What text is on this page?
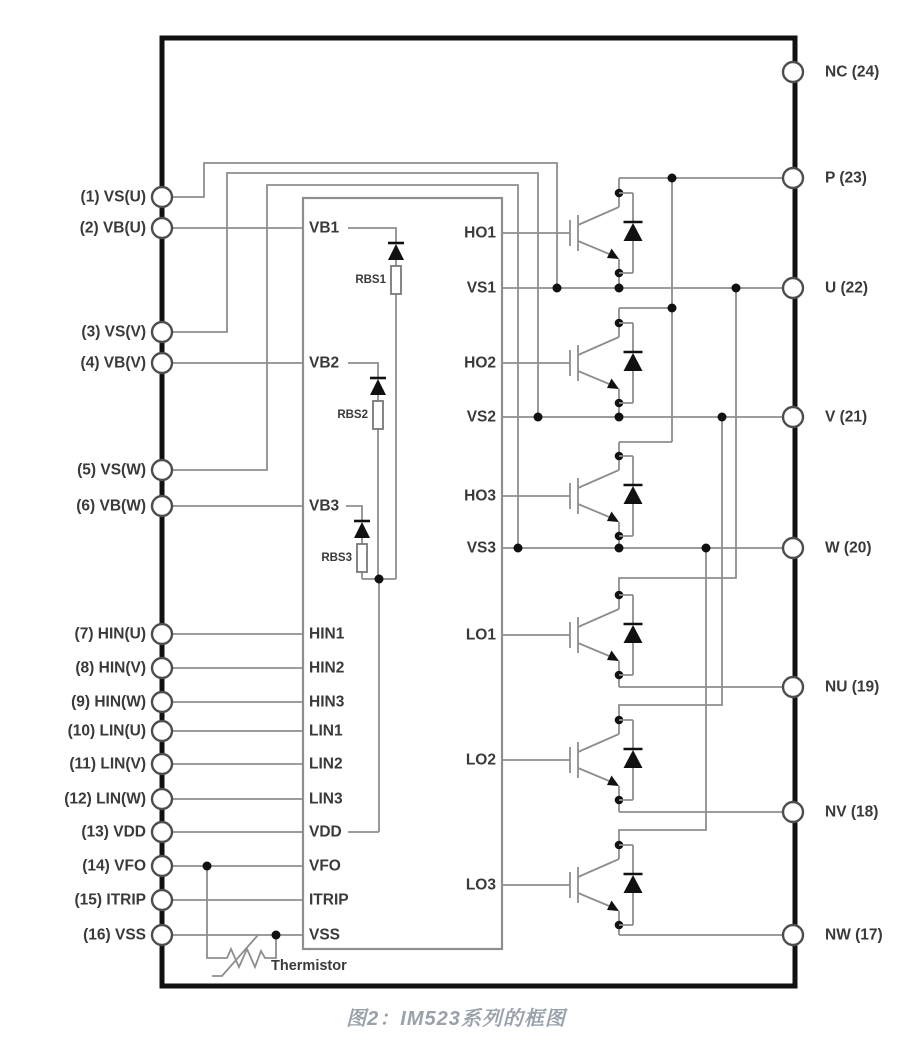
(1) VS(U)
(2) VB(U)
(3) VS(V)
(4) VB(V)
(5) VS(W)
(6) VB(W)
(7) HIN(U)
(8) HIN(V)
(9) HIN(W)
(10) LIN(U)
(11) LIN(V)
(12) LIN(W)
(13) VDD
(14) VFO
(15) ITRIP
(16) VSS
NC (24)
P (23)
U (22)
V (21)
W (20)
NU (19)
NV (18)
NW (17)
VB1
VB2
VB3
HIN1
HIN2
HIN3
LIN1
LIN2
LIN3
VDD
VFO
ITRIP
VSS
HO1
VS1
HO2
VS2
HO3
VS3
LO1
LO2
LO3
RBS1
RBS2
RBS3
Thermistor
图2：IM523系列的框图
